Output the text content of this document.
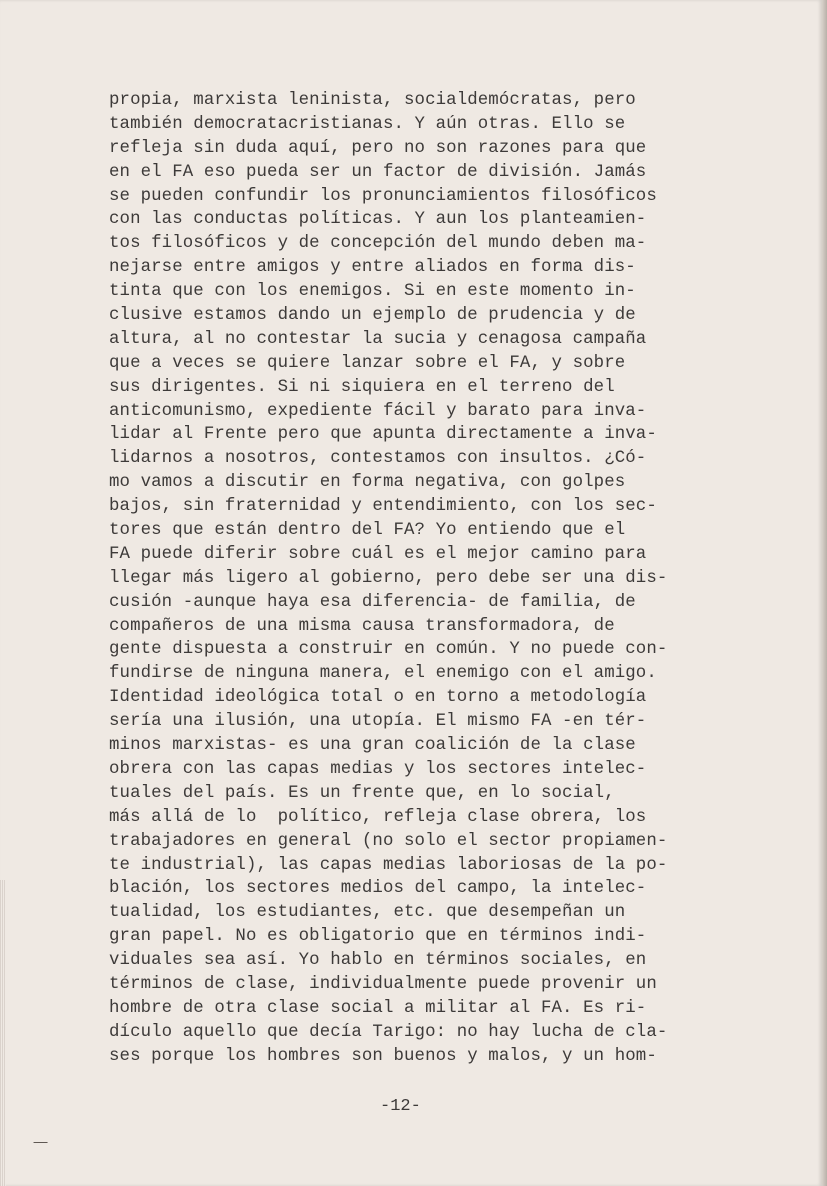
propia, marxista leninista, socialdemócratas, pero
también democratacristianas. Y aún otras. Ello se
refleja sin duda aquí, pero no son razones para que
en el FA eso pueda ser un factor de división. Jamás
se pueden confundir los pronunciamientos filosóficos
con las conductas políticas. Y aun los planteamien-
tos filosóficos y de concepción del mundo deben ma-
nejarse entre amigos y entre aliados en forma dis-
tinta que con los enemigos. Si en este momento in-
clusive estamos dando un ejemplo de prudencia y de
altura, al no contestar la sucia y cenagosa campaña
que a veces se quiere lanzar sobre el FA, y sobre
sus dirigentes. Si ni siquiera en el terreno del
anticomunismo, expediente fácil y barato para inva-
lidar al Frente pero que apunta directamente a inva-
lidarnos a nosotros, contestamos con insultos. ¿Có-
mo vamos a discutir en forma negativa, con golpes
bajos, sin fraternidad y entendimiento, con los sec-
tores que están dentro del FA? Yo entiendo que el
FA puede diferir sobre cuál es el mejor camino para
llegar más ligero al gobierno, pero debe ser una dis-
cusión -aunque haya esa diferencia- de familia, de
compañeros de una misma causa transformadora, de
gente dispuesta a construir en común. Y no puede con-
fundirse de ninguna manera, el enemigo con el amigo.
Identidad ideológica total o en torno a metodología
sería una ilusión, una utopía. El mismo FA -en tér-
minos marxistas- es una gran coalición de la clase
obrera con las capas medias y los sectores intelec-
tuales del país. Es un frente que, en lo social,
más allá de lo  político, refleja clase obrera, los
trabajadores en general (no solo el sector propiamen-
te industrial), las capas medias laboriosas de la po-
blación, los sectores medios del campo, la intelec-
tualidad, los estudiantes, etc. que desempeñan un
gran papel. No es obligatorio que en términos indi-
viduales sea así. Yo hablo en términos sociales, en
términos de clase, individualmente puede provenir un
hombre de otra clase social a militar al FA. Es ri-
dículo aquello que decía Tarigo: no hay lucha de cla-
ses porque los hombres son buenos y malos, y un hom-
-12-
